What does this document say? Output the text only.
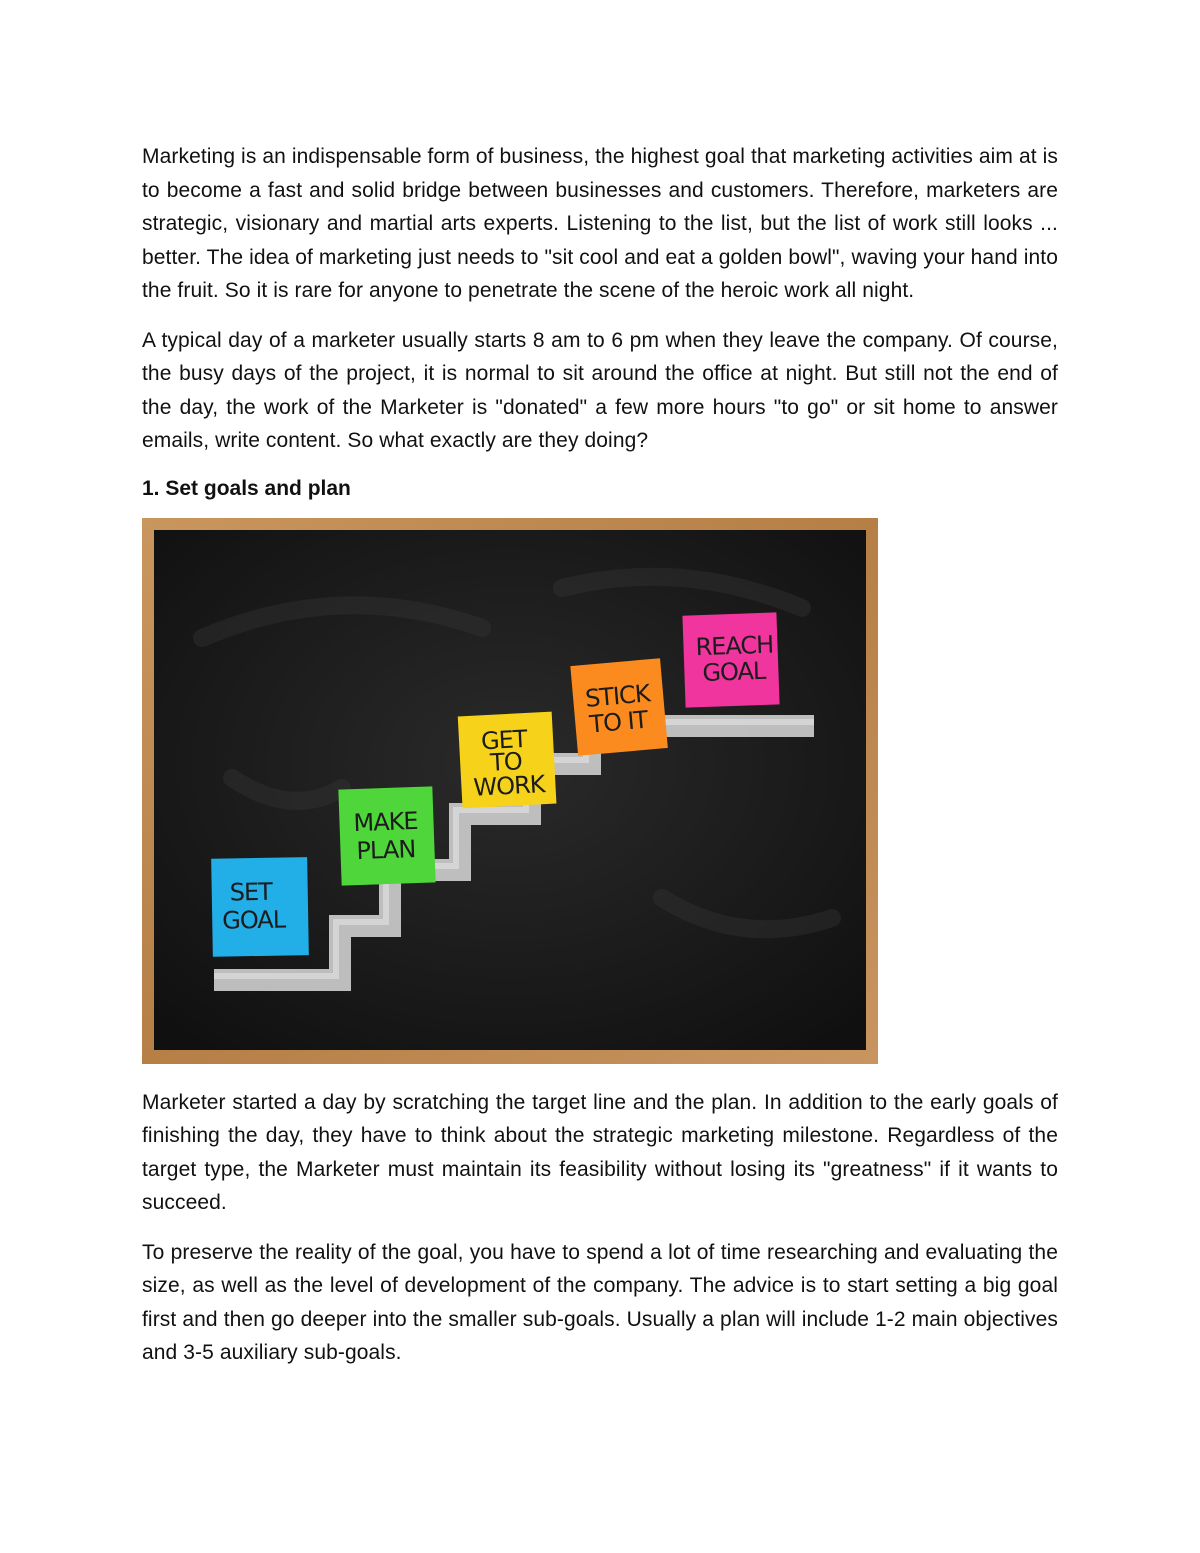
Marketing is an indispensable form of business, the highest goal that marketing activities aim at is to become a fast and solid bridge between businesses and customers. Therefore, marketers are strategic, visionary and martial arts experts. Listening to the list, but the list of work still looks ... better. The idea of marketing just needs to "sit cool and eat a golden bowl", waving your hand into the fruit. So it is rare for anyone to penetrate the scene of the heroic work all night.

A typical day of a marketer usually starts 8 am to 6 pm when they leave the company. Of course, the busy days of the project, it is normal to sit around the office at night. But still not the end of the day, the work of the Marketer is "donated" a few more hours "to go" or sit home to answer emails, write content. So what exactly are they doing?

1. Set goals and plan
SET
GOAL
MAKE
PLAN
GET
TO
WORK
STICK
TO IT
REACH
GOAL

Marketer started a day by scratching the target line and the plan. In addition to the early goals of finishing the day, they have to think about the strategic marketing milestone. Regardless of the target type, the Marketer must maintain its feasibility without losing its "greatness" if it wants to succeed.

To preserve the reality of the goal, you have to spend a lot of time researching and evaluating the size, as well as the level of development of the company. The advice is to start setting a big goal first and then go deeper into the smaller sub-goals. Usually a plan will include 1-2 main objectives and 3-5 auxiliary sub-goals.
